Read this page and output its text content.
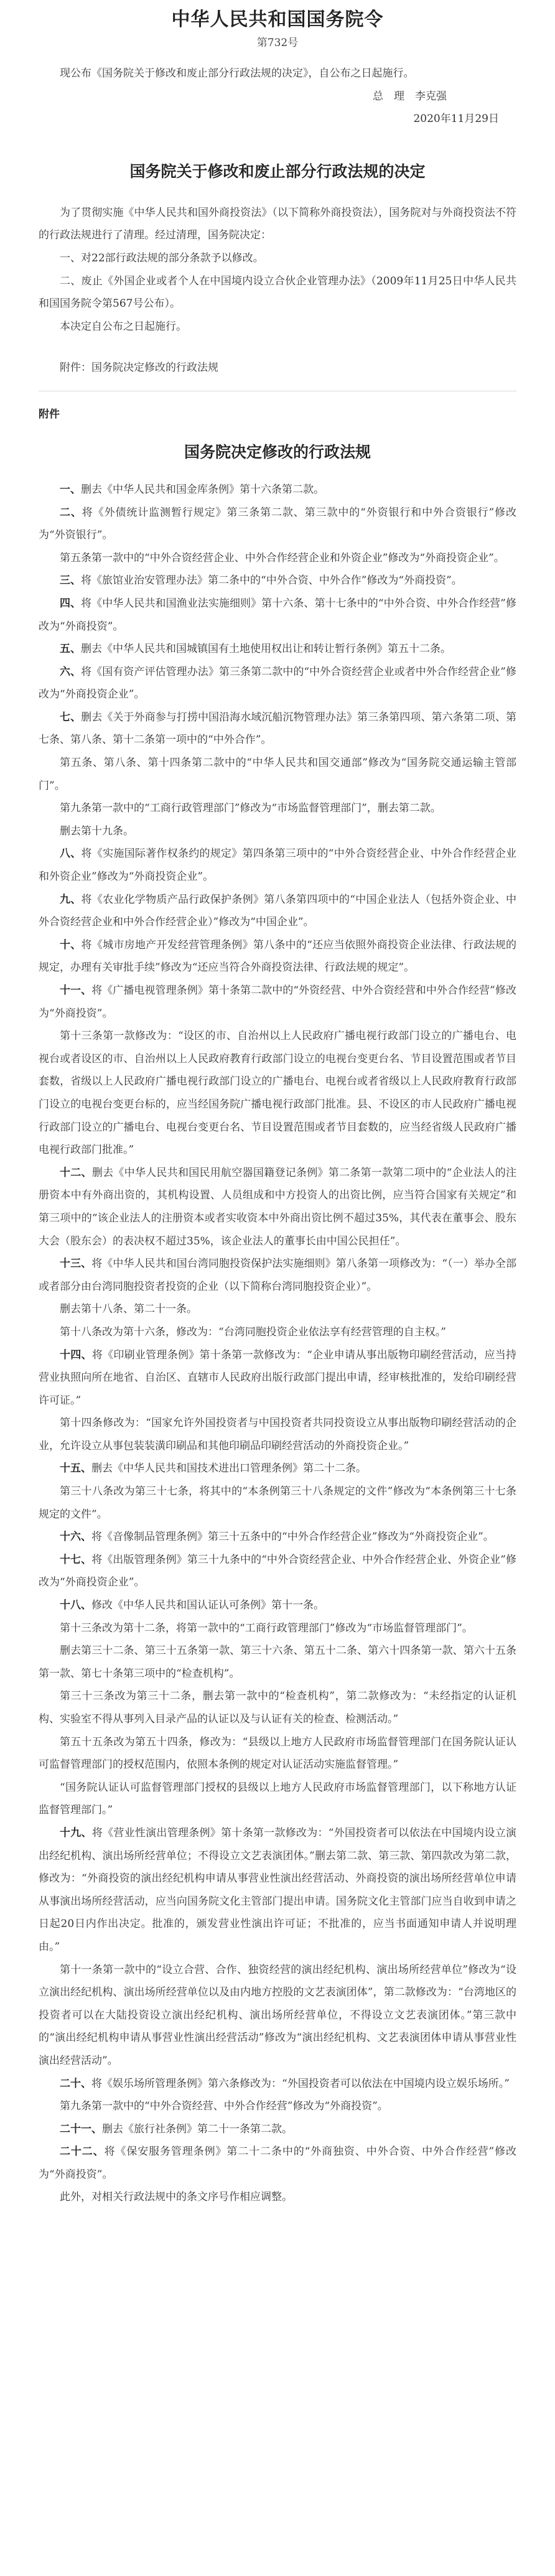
中华人民共和国国务院令
第732号

现公布《国务院关于修改和废止部分行政法规的决定》，自公布之日起施行。

总　理　李克强

2020年11月29日

国务院关于修改和废止部分行政法规的决定

为了贯彻实施《中华人民共和国外商投资法》（以下简称外商投资法），国务院对与外商投资法不符的行政法规进行了清理。经过清理，国务院决定：

一、对22部行政法规的部分条款予以修改。

二、废止《外国企业或者个人在中国境内设立合伙企业管理办法》（2009年11月25日中华人民共和国国务院令第567号公布）。

本决定自公布之日起施行。

附件：国务院决定修改的行政法规

附件
国务院决定修改的行政法规

一、删去《中华人民共和国金库条例》第十六条第二款。

二、将《外债统计监测暂行规定》第三条第二款、第三款中的“外资银行和中外合资银行”修改为“外资银行”。

第五条第一款中的“中外合资经营企业、中外合作经营企业和外资企业”修改为“外商投资企业”。

三、将《旅馆业治安管理办法》第二条中的“中外合资、中外合作”修改为“外商投资”。

四、将《中华人民共和国渔业法实施细则》第十六条、第十七条中的“中外合资、中外合作经营”修改为“外商投资”。

五、删去《中华人民共和国城镇国有土地使用权出让和转让暂行条例》第五十二条。

六、将《国有资产评估管理办法》第三条第二款中的“中外合资经营企业或者中外合作经营企业”修改为“外商投资企业”。

七、删去《关于外商参与打捞中国沿海水域沉船沉物管理办法》第三条第四项、第六条第二项、第七条、第八条、第十二条第一项中的“中外合作”。

第五条、第八条、第十四条第二款中的“中华人民共和国交通部”修改为“国务院交通运输主管部门”。

第九条第一款中的“工商行政管理部门”修改为“市场监督管理部门”，删去第二款。

删去第十九条。

八、将《实施国际著作权条约的规定》第四条第三项中的“中外合资经营企业、中外合作经营企业和外资企业”修改为“外商投资企业”。

九、将《农业化学物质产品行政保护条例》第八条第四项中的“中国企业法人（包括外资企业、中外合资经营企业和中外合作经营企业）”修改为“中国企业”。

十、将《城市房地产开发经营管理条例》第八条中的“还应当依照外商投资企业法律、行政法规的规定，办理有关审批手续”修改为“还应当符合外商投资法律、行政法规的规定”。

十一、将《广播电视管理条例》第十条第二款中的“外资经营、中外合资经营和中外合作经营”修改为“外商投资”。

第十三条第一款修改为：“设区的市、自治州以上人民政府广播电视行政部门设立的广播电台、电视台或者设区的市、自治州以上人民政府教育行政部门设立的电视台变更台名、节目设置范围或者节目套数，省级以上人民政府广播电视行政部门设立的广播电台、电视台或者省级以上人民政府教育行政部门设立的电视台变更台标的，应当经国务院广播电视行政部门批准。县、不设区的市人民政府广播电视行政部门设立的广播电台、电视台变更台名、节目设置范围或者节目套数的，应当经省级人民政府广播电视行政部门批准。”

十二、删去《中华人民共和国民用航空器国籍登记条例》第二条第一款第二项中的“企业法人的注册资本中有外商出资的，其机构设置、人员组成和中方投资人的出资比例，应当符合国家有关规定”和第三项中的“该企业法人的注册资本或者实收资本中外商出资比例不超过35%，其代表在董事会、股东大会（股东会）的表决权不超过35%，该企业法人的董事长由中国公民担任”。

十三、将《中华人民共和国台湾同胞投资保护法实施细则》第八条第一项修改为：“（一）举办全部或者部分由台湾同胞投资者投资的企业（以下简称台湾同胞投资企业）”。

删去第十八条、第二十一条。

第十八条改为第十六条，修改为：“台湾同胞投资企业依法享有经营管理的自主权。”

十四、将《印刷业管理条例》第十条第一款修改为：“企业申请从事出版物印刷经营活动，应当持营业执照向所在地省、自治区、直辖市人民政府出版行政部门提出申请，经审核批准的，发给印刷经营许可证。”

第十四条修改为：“国家允许外国投资者与中国投资者共同投资设立从事出版物印刷经营活动的企业，允许设立从事包装装潢印刷品和其他印刷品印刷经营活动的外商投资企业。”

十五、删去《中华人民共和国技术进出口管理条例》第二十二条。

第三十八条改为第三十七条，将其中的“本条例第三十八条规定的文件”修改为“本条例第三十七条规定的文件”。

十六、将《音像制品管理条例》第三十五条中的“中外合作经营企业”修改为“外商投资企业”。

十七、将《出版管理条例》第三十九条中的“中外合资经营企业、中外合作经营企业、外资企业”修改为“外商投资企业”。

十八、修改《中华人民共和国认证认可条例》第十一条。

第十三条改为第十二条，将第一款中的“工商行政管理部门”修改为“市场监督管理部门”。

删去第三十二条、第三十五条第一款、第三十六条、第五十二条、第六十四条第一款、第六十五条第一款、第七十条第三项中的“检查机构”。

第三十三条改为第三十二条，删去第一款中的“检查机构”，第二款修改为：“未经指定的认证机构、实验室不得从事列入目录产品的认证以及与认证有关的检查、检测活动。”

第五十五条改为第五十四条，修改为：“县级以上地方人民政府市场监督管理部门在国务院认证认可监督管理部门的授权范围内，依照本条例的规定对认证活动实施监督管理。”

“国务院认证认可监督管理部门授权的县级以上地方人民政府市场监督管理部门，以下称地方认证监督管理部门。”

十九、将《营业性演出管理条例》第十条第一款修改为：“外国投资者可以依法在中国境内设立演出经纪机构、演出场所经营单位；不得设立文艺表演团体。”删去第二款、第三款、第四款改为第二款，修改为：“外商投资的演出经纪机构申请从事营业性演出经营活动、外商投资的演出场所经营单位申请从事演出场所经营活动，应当向国务院文化主管部门提出申请。国务院文化主管部门应当自收到申请之日起20日内作出决定。批准的，颁发营业性演出许可证；不批准的，应当书面通知申请人并说明理由。”

第十一条第一款中的“设立合营、合作、独资经营的演出经纪机构、演出场所经营单位”修改为“设立演出经纪机构、演出场所经营单位以及由内地方控股的文艺表演团体”，第二款修改为：“台湾地区的投资者可以在大陆投资设立演出经纪机构、演出场所经营单位，不得设立文艺表演团体。”第三款中的“演出经纪机构申请从事营业性演出经营活动”修改为“演出经纪机构、文艺表演团体申请从事营业性演出经营活动”。

二十、将《娱乐场所管理条例》第六条修改为：“外国投资者可以依法在中国境内设立娱乐场所。”

第九条第一款中的“中外合资经营、中外合作经营”修改为“外商投资”。

二十一、删去《旅行社条例》第二十一条第二款。

二十二、将《保安服务管理条例》第二十二条中的“外商独资、中外合资、中外合作经营”修改为“外商投资”。

此外，对相关行政法规中的条文序号作相应调整。
